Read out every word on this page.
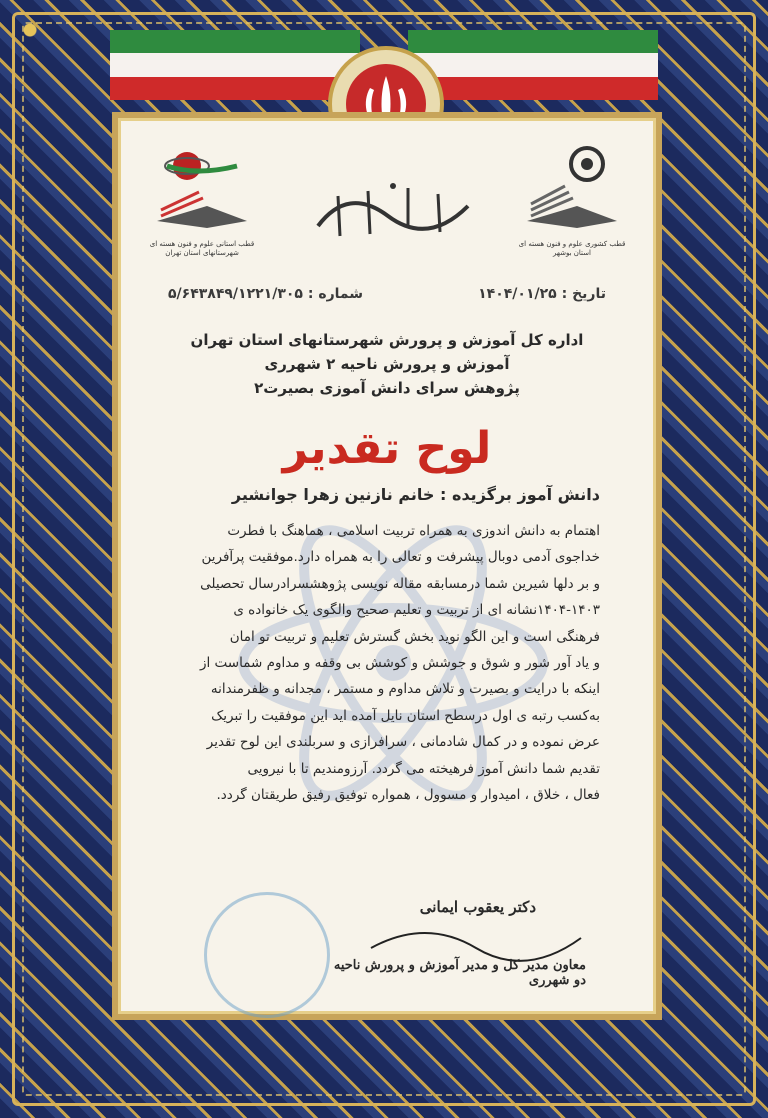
قطب کشوری علوم و فنون هسته ای استان بوشهر
قطب استانی علوم و فنون هسته ای شهرستانهای استان تهران
تاریخ : ۱۴۰۴/۰۱/۲۵
شماره : ۵/۶۴۳۸۴۹/۱۲۲۱/۳۰۵
اداره کل آموزش و پرورش شهرستانهای استان تهران
آموزش و پرورش ناحیه ۲ شهرری
پژوهش سرای دانش آموزی بصیرت۲
لوح تقدیر
دانش آموز برگزیده : خانم نازنین زهرا جوانشیر
اهتمام به دانش اندوزی به همراه تربیت اسلامی ، هماهنگ با فطرت
خداجوی آدمی دوبال پیشرفت و تعالی را به همراه دارد.موفقیت پرآفرین
و بر دلها شیرین شما درمسابقه مقاله نویسی پژوهشسرادرسال تحصیلی
۱۴۰۴-۱۴۰۳نشانه ای از تربیت و تعلیم صحیح والگوی یک خانواده ی
فرهنگی است و این الگو نوید بخش گسترش تعلیم و تربیت تو امان
و یاد آور شور و شوق و جوشش و کوشش بی وقفه و مداوم شماست از
اینکه با درایت و بصیرت و تلاش مداوم و مستمر ، مجدانه و ظفرمندانه
به‌کسب رتبه ی اول درسطح استان نایل آمده اید این موفقیت را تبریک
عرض نموده و در کمال شادمانی ، سرافرازی و سربلندی این لوح تقدیر
تقدیم شما دانش آموز فرهیخته می گردد. آرزومندیم تا با نیرویی
فعال ، خلاق ، امیدوار و مسوول ، همواره توفیق رفیق طریقتان گردد.
دکتر یعقوب ایمانی
معاون مدیر کل و مدیر آموزش و پرورش ناحیه دو شهرری
